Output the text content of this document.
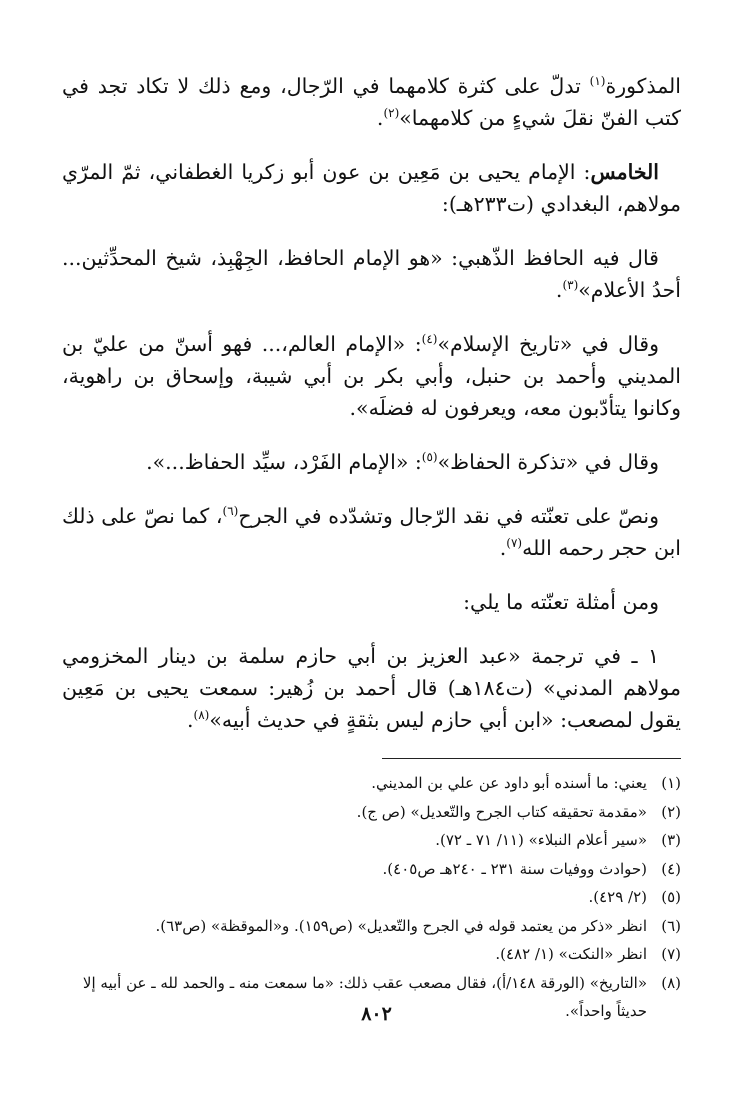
المذكورة$^{(١)}$ تدلّ على كثرة كلامهما في الرّجال، ومع ذلك لا تكاد تجد في كتب الفنّ نقلَ شيءٍ من كلامهما»$^{(٢)}$.

الخامس: الإمام يحيى بن مَعِين بن عون أبو زكريا الغطفاني، ثمّ المرّي مولاهم، البغدادي (ت٢٣٣هـ):

قال فيه الحافظ الذّهبي: «هو الإمام الحافظ، الجِهْبِذ، شيخ المحدِّثين... أحدُ الأعلام»$^{(٣)}$.

وقال في «تاريخ الإسلام»$^{(٤)}$: «الإمام العالم،... فهو أسنّ من عليّ بن المديني وأحمد بن حنبل، وأبي بكر بن أبي شيبة، وإسحاق بن راهوية، وكانوا يتأدّبون معه، ويعرفون له فضلَه».

وقال في «تذكرة الحفاظ»$^{(٥)}$: «الإمام الفَرْد، سيِّد الحفاظ...».

ونصّ على تعنّته في نقد الرّجال وتشدّده في الجرح$^{(٦)}$، كما نصّ على ذلك ابن حجر رحمه الله$^{(٧)}$.

ومن أمثلة تعنّته ما يلي:

١ ـ في ترجمة «عبد العزيز بن أبي حازم سلمة بن دينار المخزومي مولاهم المدني» (ت١٨٤هـ) قال أحمد بن زُهير: سمعت يحيى بن مَعِين يقول لمصعب: «ابن أبي حازم ليس بثقةٍ في حديث أبيه»$^{(٨)}$.

(١)
يعني: ما أسنده أبو داود عن علي بن المديني.
(٢)
«مقدمة تحقيقه كتاب الجرح والتّعديل» (ص ج).
(٣)
«سير أعلام النبلاء» (١١/ ٧١ ـ ٧٢).
(٤)
(حوادث ووفيات سنة ٢٣١ ـ ٢٤٠هـ ص٤٠٥).
(٥)
(٢/ ٤٢٩).
(٦)
انظر «ذكر من يعتمد قوله في الجرح والتّعديل» (ص١٥٩). و«الموقظة» (ص٦٣).
(٧)
انظر «النكت» (١/ ٤٨٢).
(٨)
«التاريخ» (الورقة ١٤٨/أ)، فقال مصعب عقب ذلك: «ما سمعت منه ـ والحمد لله ـ عن أبيه إلا حديثاً واحداً».
٨٠٢
